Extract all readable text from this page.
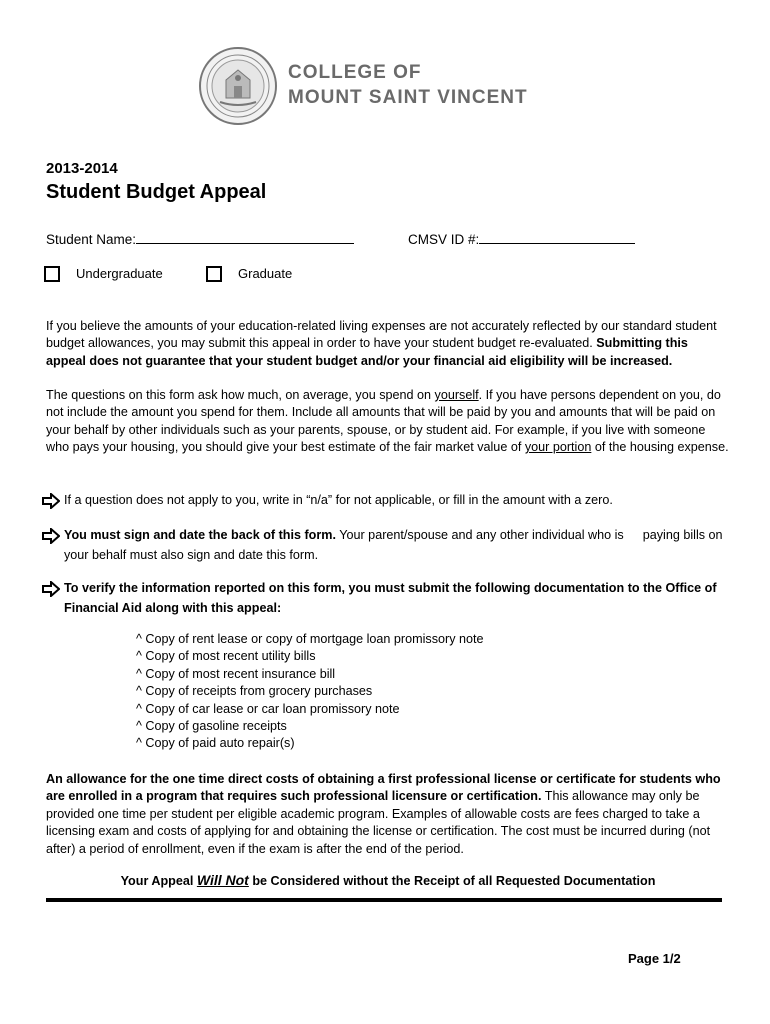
COLLEGE OF
MOUNT SAINT VINCENT
2013-2014
Student Budget Appeal
Student Name:	CMSV ID #:
Undergraduate	Graduate
If you believe the amounts of your education-related living expenses are not accurately reflected by our standard student budget allowances, you may submit this appeal in order to have your student budget re-evaluated. Submitting this appeal does not guarantee that your student budget and/or your financial aid eligibility will be increased.
The questions on this form ask how much, on average, you spend on yourself. If you have persons dependent on you, do not include the amount you spend for them. Include all amounts that will be paid by you and amounts that will be paid on your behalf by other individuals such as your parents, spouse, or by student aid. For example, if you live with someone who pays your housing, you should give your best estimate of the fair market value of your portion of the housing expense.
If a question does not apply to you, write in “n/a” for not applicable, or fill in the amount with a zero.
You must sign and date the back of this form. Your parent/spouse and any other individual who is paying bills on
your behalf must also sign and date this form.
To verify the information reported on this form, you must submit the following documentation to the Office of Financial Aid along with this appeal:
^ Copy of rent lease or copy of mortgage loan promissory note
^ Copy of most recent utility bills
^ Copy of most recent insurance bill
^ Copy of receipts from grocery purchases
^ Copy of car lease or car loan promissory note
^ Copy of gasoline receipts
^ Copy of paid auto repair(s)
An allowance for the one time direct costs of obtaining a first professional license or certificate for students who are enrolled in a program that requires such professional licensure or certification. This allowance may only be provided one time per student per eligible academic program. Examples of allowable costs are fees charged to take a licensing exam and costs of applying for and obtaining the license or certification. The cost must be incurred during (not after) a period of enrollment, even if the exam is after the end of the period.
Your Appeal Will Not be Considered without the Receipt of all Requested Documentation
Page 1/2
